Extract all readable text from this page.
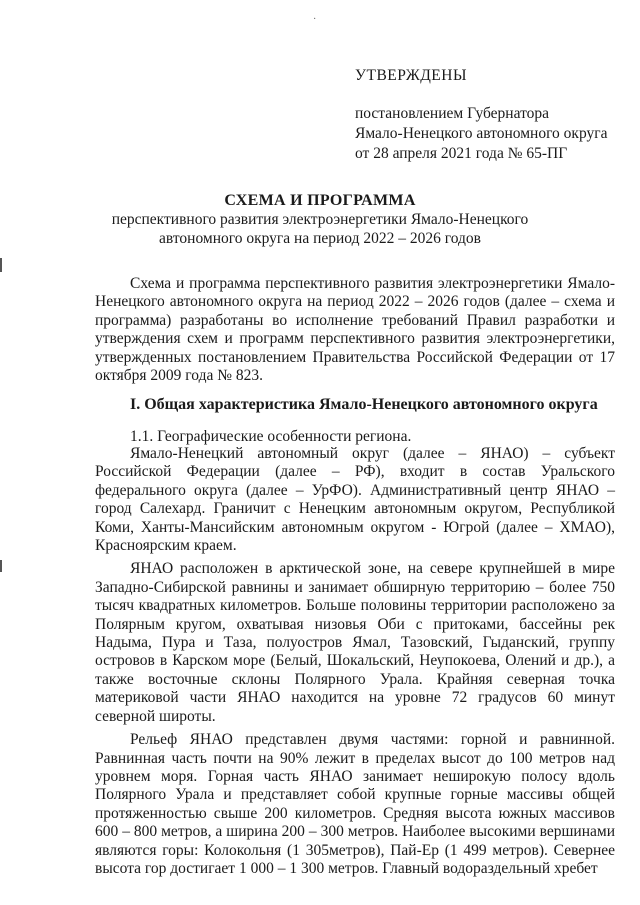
·
УТВЕРЖДЕНЫ
постановлением Губернатора
Ямало-Ненецкого автономного округа
от 28 апреля 2021 года № 65-ПГ
СХЕМА И ПРОГРАММА
перспективного развития электроэнергетики Ямало-Ненецкого
автономного округа на период 2022 – 2026 годов

Схема и программа перспективного развития электроэнергетики Ямало-Ненецкого автономного округа на период 2022 – 2026 годов (далее – схема и программа) разработаны во исполнение требований Правил разработки и утверждения схем и программ перспективного развития электроэнергетики, утвержденных постановлением Правительства Российской Федерации от 17 октября 2009 года № 823.

I. Общая характеристика Ямало-Ненецкого автономного округа
1.1. Географические особенности региона.

Ямало-Ненецкий автономный округ (далее – ЯНАО) – субъект Российской Федерации (далее – РФ), входит в состав Уральского федерального округа (далее – УрФО). Административный центр ЯНАО – город Салехард. Граничит с Ненецким автономным округом, Республикой Коми, Ханты-Мансийским автономным округом - Югрой (далее – ХМАО), Красноярским краем.

ЯНАО расположен в арктической зоне, на севере крупнейшей в мире Западно-Сибирской равнины и занимает обширную территорию – более 750 тысяч квадратных километров. Больше половины территории расположено за Полярным кругом, охватывая низовья Оби с притоками, бассейны рек Надыма, Пура и Таза, полуостров Ямал, Тазовский, Гыданский, группу островов в Карском море (Белый, Шокальский, Неупокоева, Олений и др.), а также восточные склоны Полярного Урала. Крайняя северная точка материковой части ЯНАО находится на уровне 72 градусов 60 минут северной широты.

Рельеф ЯНАО представлен двумя частями: горной и равнинной. Равнинная часть почти на 90% лежит в пределах высот до 100 метров над уровнем моря. Горная часть ЯНАО занимает неширокую полосу вдоль Полярного Урала и представляет собой крупные горные массивы общей протяженностью свыше 200 километров. Средняя высота южных массивов 600 – 800 метров, а ширина 200 – 300 метров. Наиболее высокими вершинами являются горы: Колокольня (1 305метров), Пай-Ер (1 499 метров). Севернее высота гор достигает 1 000 – 1 300 метров. Главный водораздельный хребет
